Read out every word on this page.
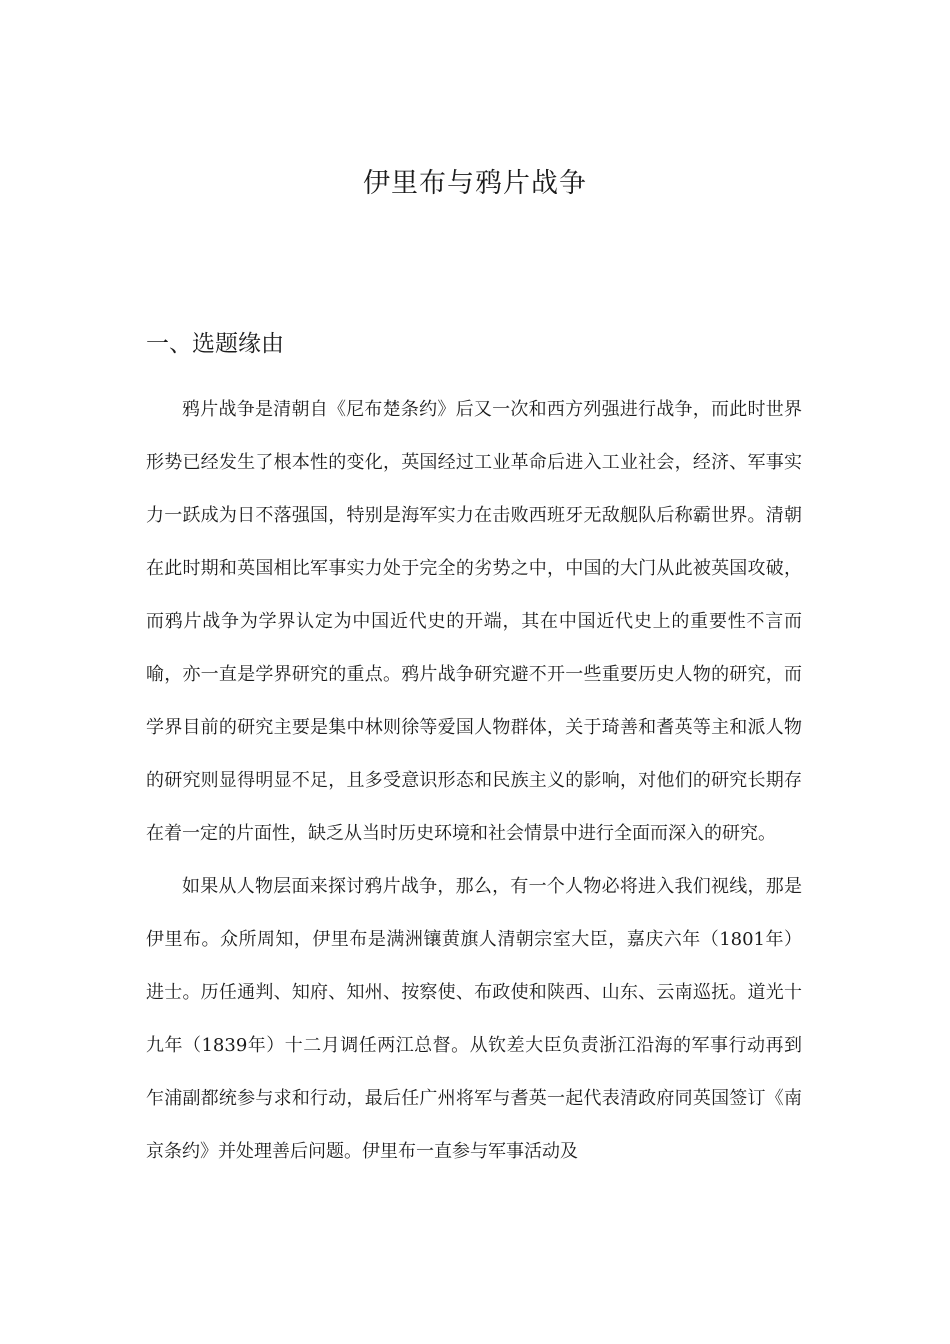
伊里布与鸦片战争
一、选题缘由

鸦片战争是清朝自《尼布楚条约》后又一次和西方列强进行战争，而此时世界形势已经发生了根本性的变化，英国经过工业革命后进入工业社会，经济、军事实力一跃成为日不落强国，特别是海军实力在击败西班牙无敌舰队后称霸世界。清朝在此时期和英国相比军事实力处于完全的劣势之中，中国的大门从此被英国攻破，而鸦片战争为学界认定为中国近代史的开端，其在中国近代史上的重要性不言而喻，亦一直是学界研究的重点。鸦片战争研究避不开一些重要历史人物的研究，而学界目前的研究主要是集中林则徐等爱国人物群体，关于琦善和耆英等主和派人物的研究则显得明显不足，且多受意识形态和民族主义的影响，对他们的研究长期存在着一定的片面性，缺乏从当时历史环境和社会情景中进行全面而深入的研究。

如果从人物层面来探讨鸦片战争，那么，有一个人物必将进入我们视线，那是伊里布。众所周知，伊里布是满洲镶黄旗人清朝宗室大臣，嘉庆六年（1801年）进士。历任通判、知府、知州、按察使、布政使和陕西、山东、云南巡抚。道光十九年（1839年）十二月调任两江总督。从钦差大臣负责浙江沿海的军事行动再到乍浦副都统参与求和行动，最后任广州将军与耆英一起代表清政府同英国签订《南京条约》并处理善后问题。伊里布一直参与军事活动及
